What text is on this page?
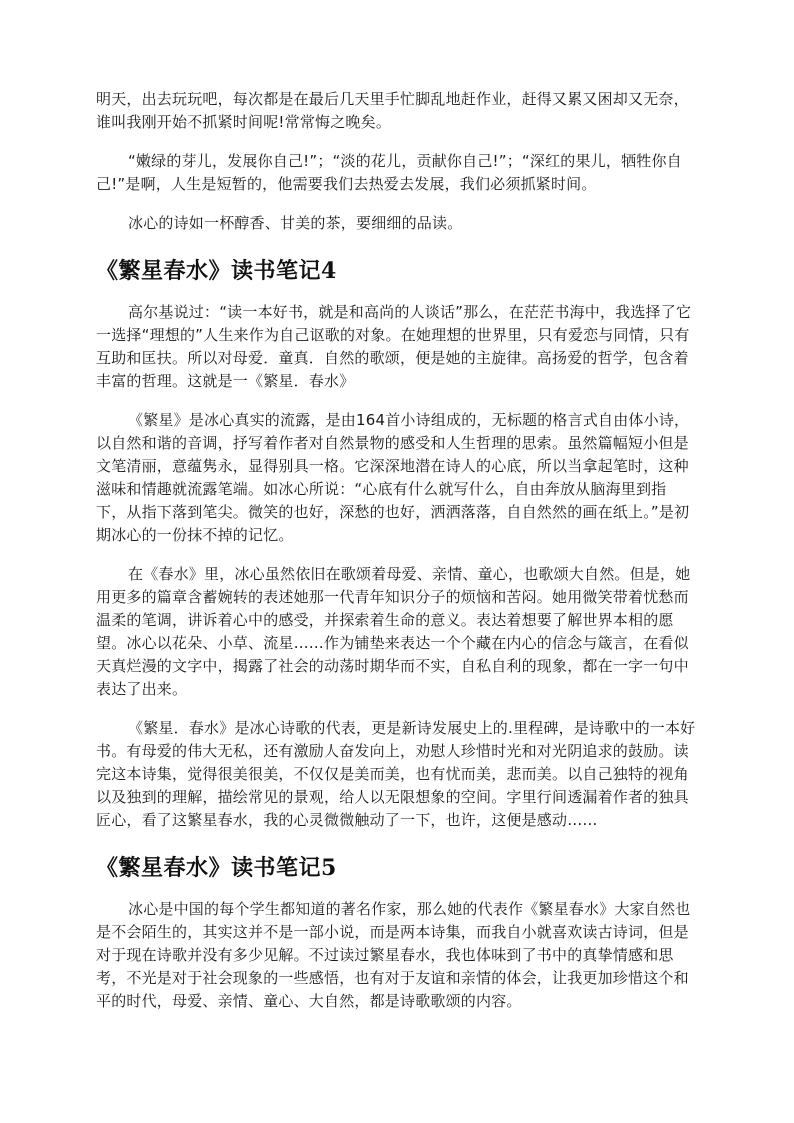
明天，出去玩玩吧，每次都是在最后几天里手忙脚乱地赶作业，赶得又累又困却又无奈，谁叫我刚开始不抓紧时间呢!常常悔之晚矣。

“嫩绿的芽儿，发展你自己!”；“淡的花儿，贡献你自己!”；“深红的果儿，牺牲你自己!”是啊，人生是短暂的，他需要我们去热爱去发展，我们必须抓紧时间。

冰心的诗如一杯醇香、甘美的茶，要细细的品读。

《繁星春水》读书笔记4

高尔基说过：“读一本好书，就是和高尚的人谈话”那么，在茫茫书海中，我选择了它一选择“理想的”人生来作为自己讴歌的对象。在她理想的世界里，只有爱恋与同情，只有互助和匡扶。所以对母爱．童真．自然的歌颂，便是她的主旋律。高扬爱的哲学，包含着丰富的哲理。这就是一《繁星．春水》

《繁星》是冰心真实的流露，是由164首小诗组成的，无标题的格言式自由体小诗，以自然和谐的音调，抒写着作者对自然景物的感受和人生哲理的思索。虽然篇幅短小但是文笔清丽，意蕴隽永，显得别具一格。它深深地潜在诗人的心底，所以当拿起笔时，这种滋味和情趣就流露笔端。如冰心所说：“心底有什么就写什么，自由奔放从脑海里到指下，从指下落到笔尖。微笑的也好，深愁的也好，洒洒落落，自自然然的画在纸上。”是初期冰心的一份抹不掉的记忆。

在《春水》里，冰心虽然依旧在歌颂着母爱、亲情、童心，也歌颂大自然。但是，她用更多的篇章含蓄婉转的表述她那一代青年知识分子的烦恼和苦闷。她用微笑带着忧愁而温柔的笔调，讲诉着心中的感受，并探索着生命的意义。表达着想要了解世界本相的愿望。冰心以花朵、小草、流星……作为铺垫来表达一个个藏在内心的信念与箴言，在看似天真烂漫的文字中，揭露了社会的动荡时期华而不实，自私自利的现象，都在一字一句中表达了出来。

《繁星．春水》是冰心诗歌的代表，更是新诗发展史上的.里程碑，是诗歌中的一本好书。有母爱的伟大无私，还有激励人奋发向上，劝慰人珍惜时光和对光阴追求的鼓励。读完这本诗集，觉得很美很美，不仅仅是美而美，也有忧而美，悲而美。以自己独特的视角以及独到的理解，描绘常见的景观，给人以无限想象的空间。字里行间透漏着作者的独具匠心，看了这繁星春水，我的心灵微微触动了一下，也许，这便是感动……

《繁星春水》读书笔记5

冰心是中国的每个学生都知道的著名作家，那么她的代表作《繁星春水》大家自然也是不会陌生的，其实这并不是一部小说，而是两本诗集，而我自小就喜欢读古诗词，但是对于现在诗歌并没有多少见解。不过读过繁星春水，我也体味到了书中的真挚情感和思考，不光是对于社会现象的一些感悟，也有对于友谊和亲情的体会，让我更加珍惜这个和平的时代，母爱、亲情、童心、大自然，都是诗歌歌颂的内容。
